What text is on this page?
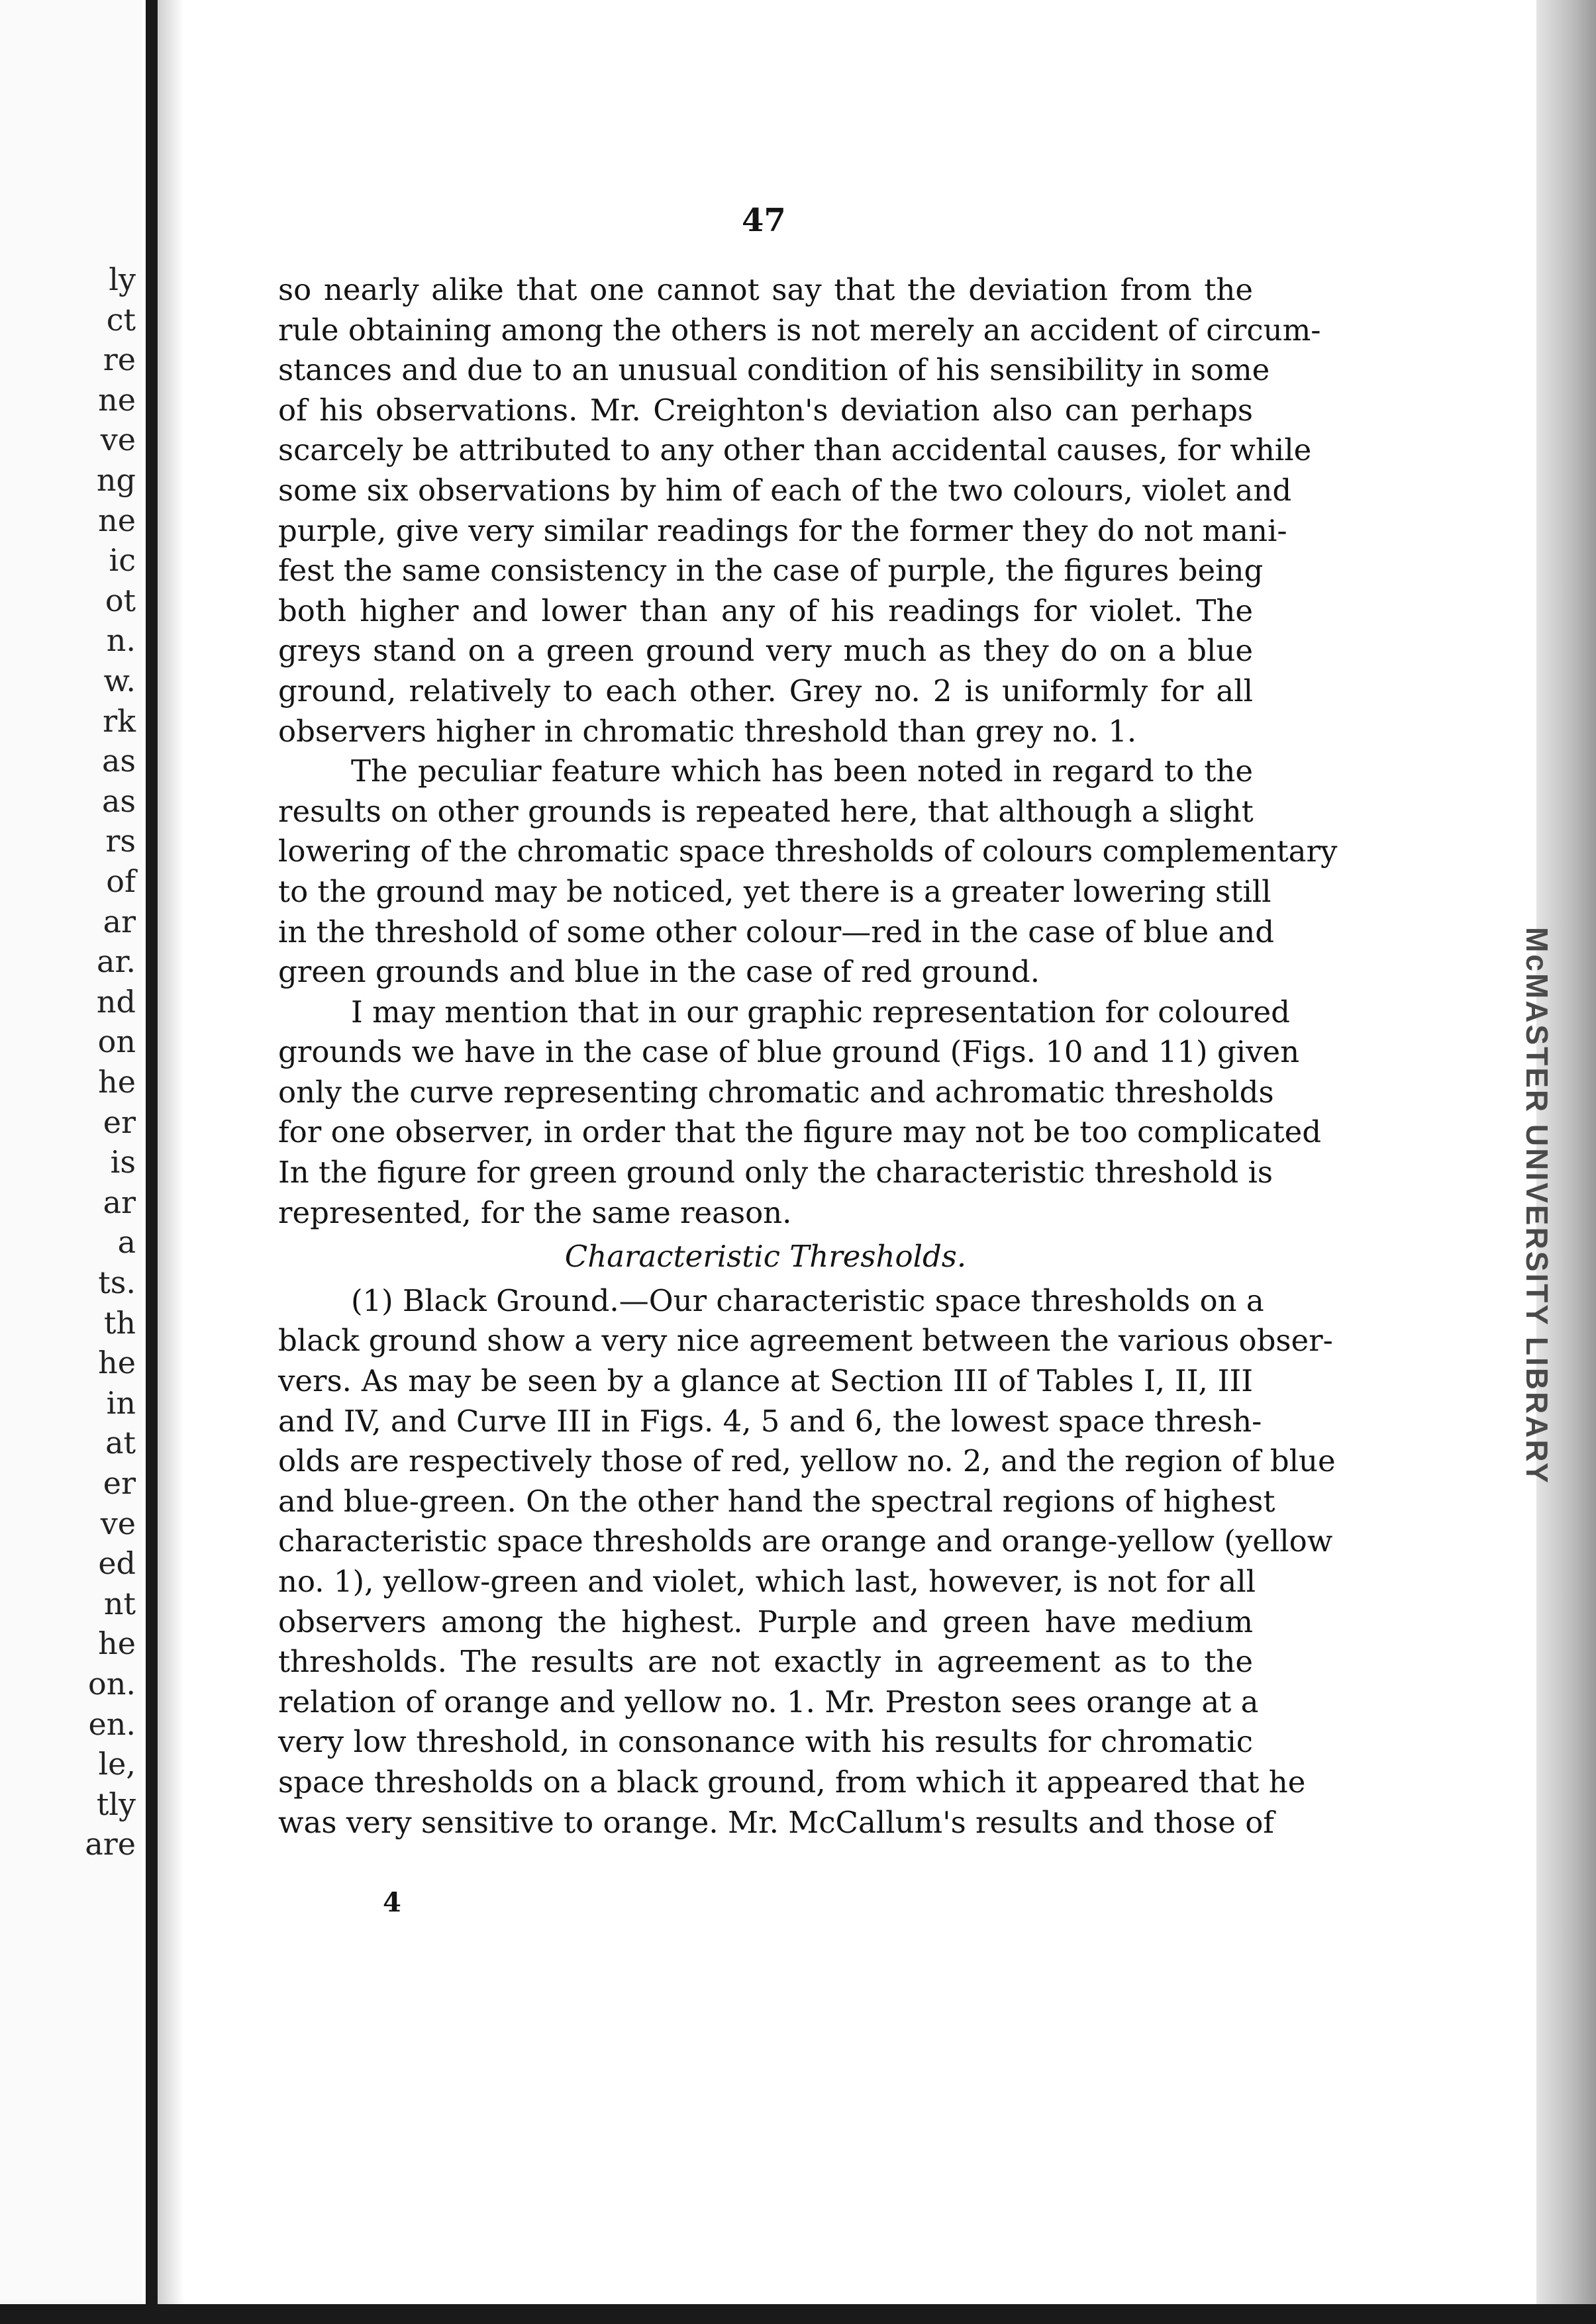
ly
ct
re
ne
ve
ng
ne
ic
ot
n.
w.
rk
as
as
rs
of
ar
ar.
nd
on
he
er
is
ar
a
ts.
th
he
in
at
er
ve
ed
nt
he
on.
en.
le,
tly
are
McMASTER UNIVERSITY LIBRARY
47
so nearly alike that one cannot say that the deviation from the
rule obtaining among the others is not merely an accident of circum-
stances and due to an unusual condition of his sensibility in some
of his observations. Mr. Creighton's deviation also can perhaps
scarcely be attributed to any other than accidental causes, for while
some six observations by him of each of the two colours, violet and
purple, give very similar readings for the former they do not mani-
fest the same consistency in the case of purple, the figures being
both higher and lower than any of his readings for violet. The
greys stand on a green ground very much as they do on a blue
ground, relatively to each other. Grey no. 2 is uniformly for all
observers higher in chromatic threshold than grey no. 1.
The peculiar feature which has been noted in regard to the
results on other grounds is repeated here, that although a slight
lowering of the chromatic space thresholds of colours complementary
to the ground may be noticed, yet there is a greater lowering still
in the threshold of some other colour—red in the case of blue and
green grounds and blue in the case of red ground.
I may mention that in our graphic representation for coloured
grounds we have in the case of blue ground (Figs. 10 and 11) given
only the curve representing chromatic and achromatic thresholds
for one observer, in order that the figure may not be too complicated
In the figure for green ground only the characteristic threshold is
represented, for the same reason.

Characteristic Thresholds.

(1) Black Ground.—Our characteristic space thresholds on a
black ground show a very nice agreement between the various obser-
vers. As may be seen by a glance at Section III of Tables I, II, III
and IV, and Curve III in Figs. 4, 5 and 6, the lowest space thresh-
olds are respectively those of red, yellow no. 2, and the region of blue
and blue-green. On the other hand the spectral regions of highest
characteristic space thresholds are orange and orange-yellow (yellow
no. 1), yellow-green and violet, which last, however, is not for all
observers among the highest. Purple and green have medium
thresholds. The results are not exactly in agreement as to the
relation of orange and yellow no. 1. Mr. Preston sees orange at a
very low threshold, in consonance with his results for chromatic
space thresholds on a black ground, from which it appeared that he
was very sensitive to orange. Mr. McCallum's results and those of
4
